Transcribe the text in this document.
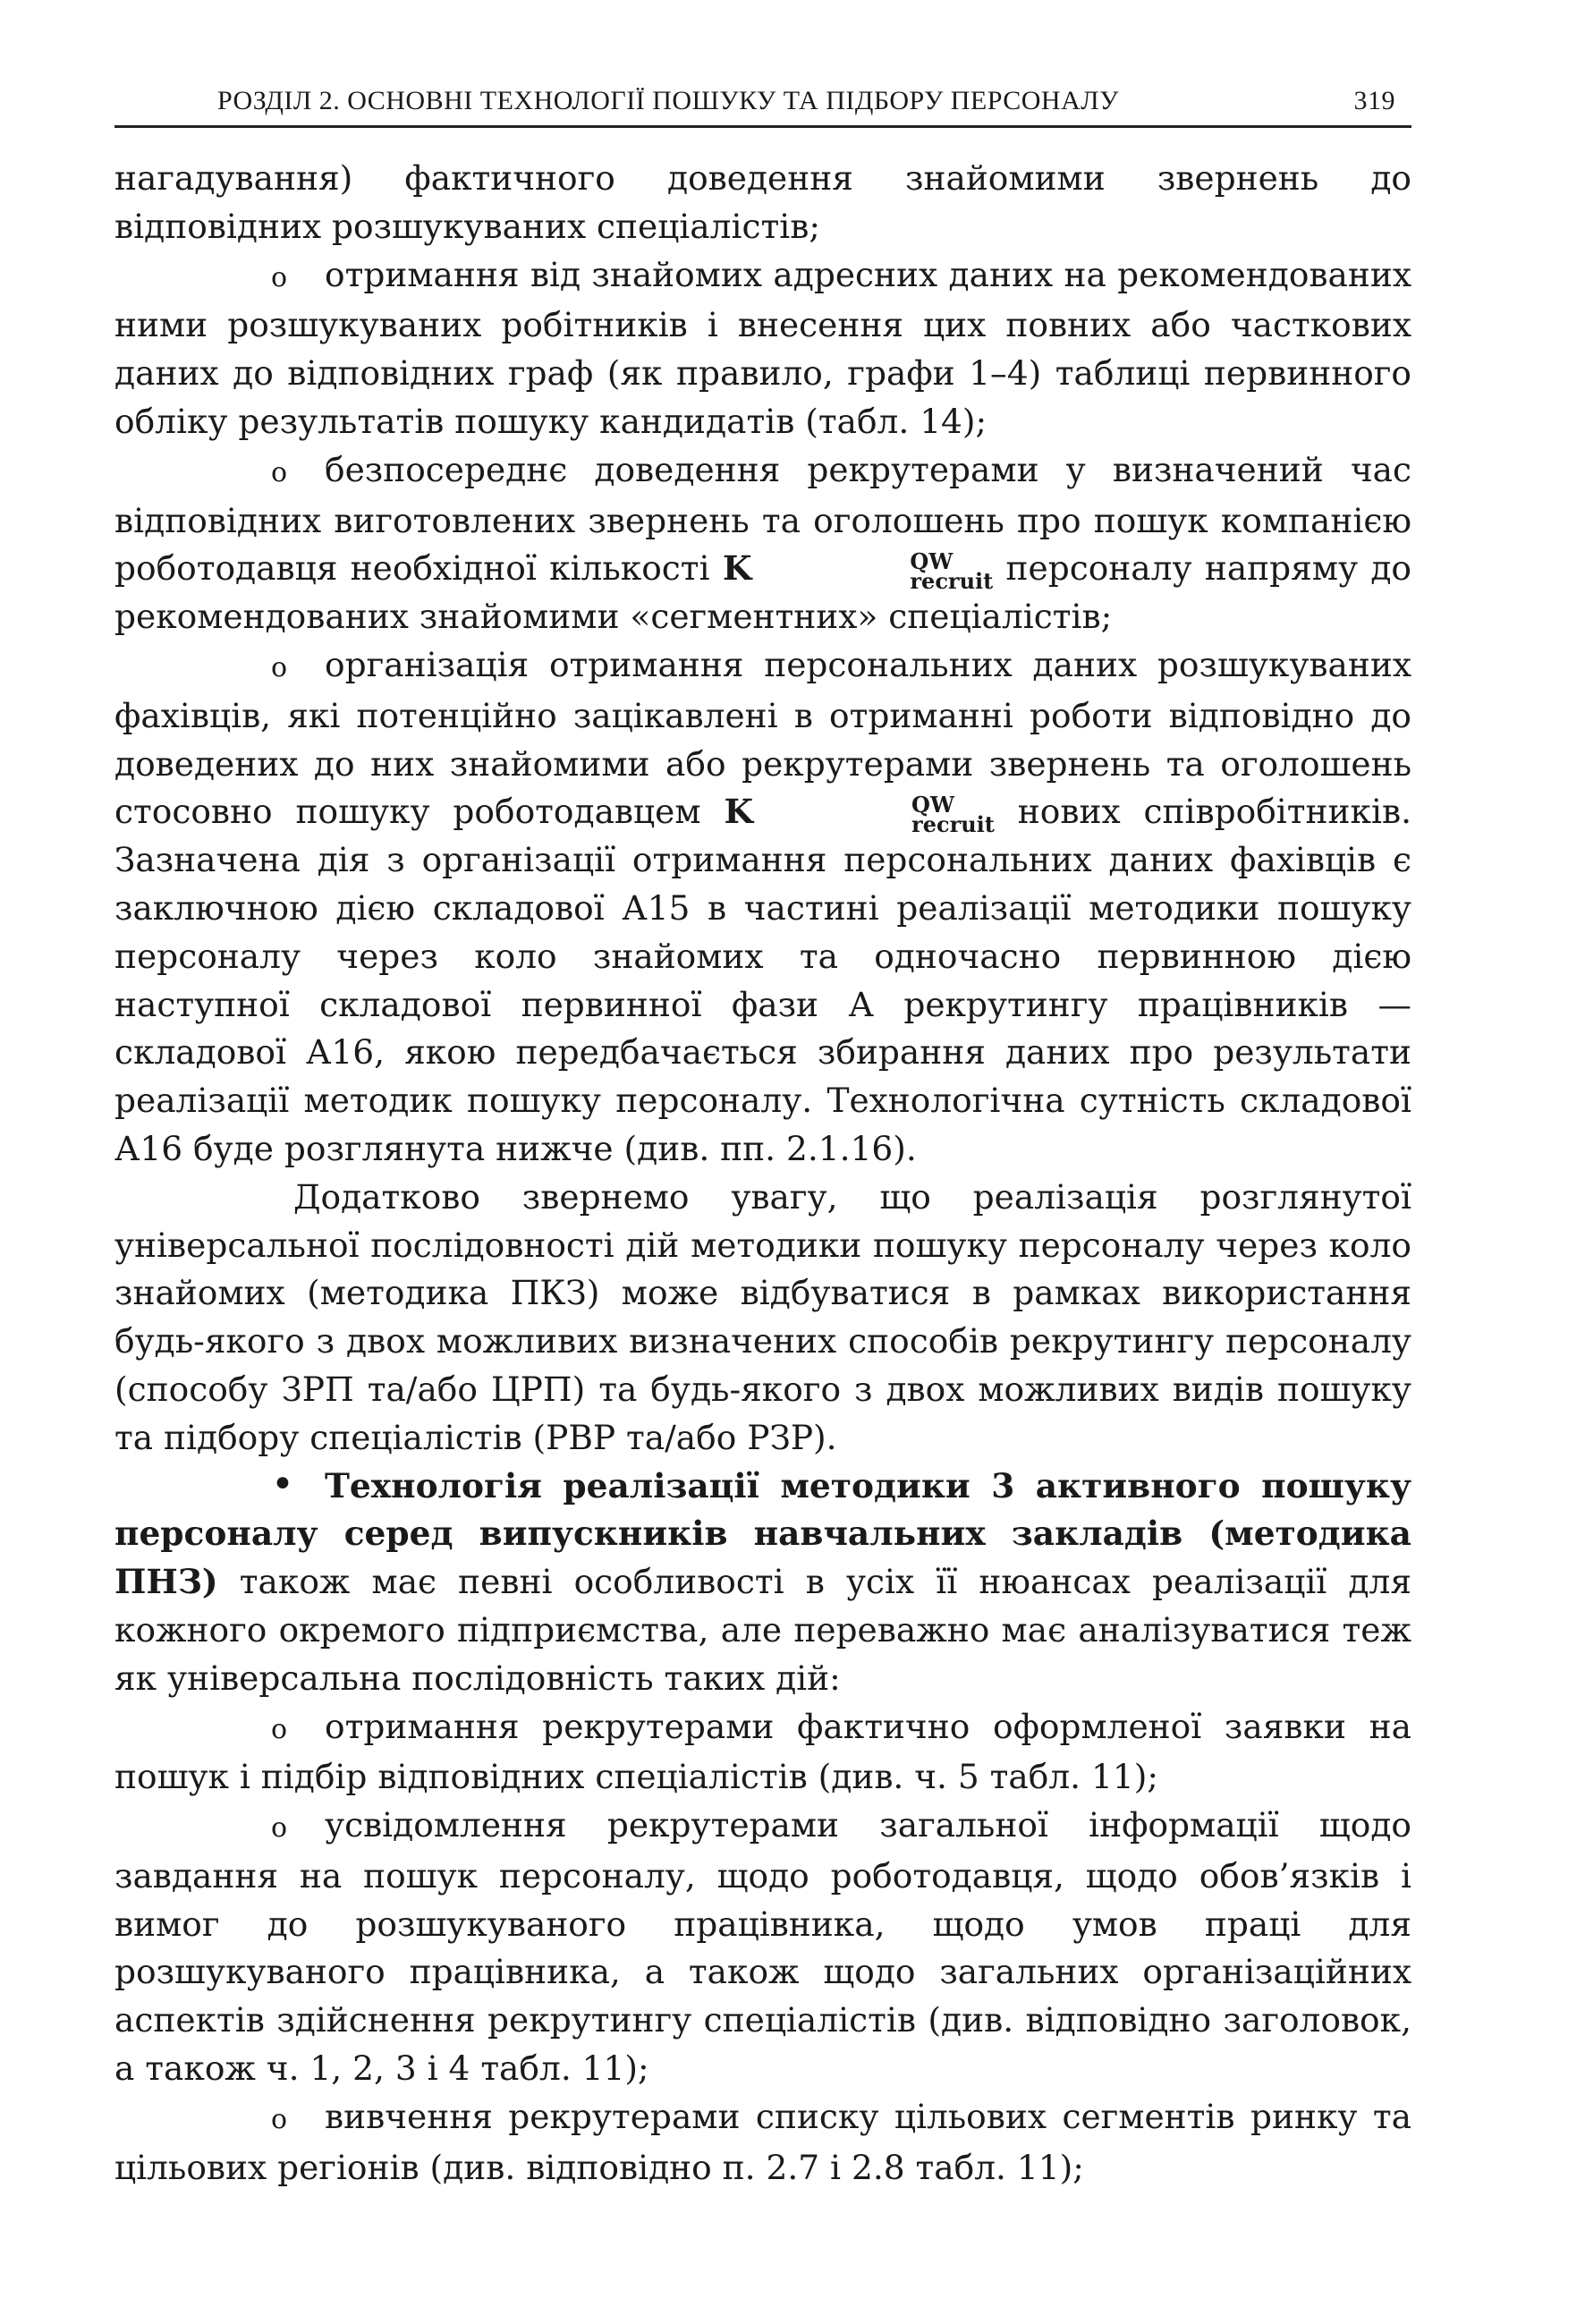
РОЗДІЛ 2. ОСНОВНІ ТЕХНОЛОГІЇ ПОШУКУ ТА ПІДБОРУ ПЕРСОНАЛУ	319

нагадування) фактичного доведення знайомими звернень до відповідних розшукуваних спеціалістів;

o отримання від знайомих адресних даних на рекомендованих ними розшукуваних робітників і внесення цих повних або часткових даних до відповідних граф (як правило, графи 1–4) таблиці первинного обліку результатів пошуку кандидатів (табл. 14);

o безпосереднє доведення рекрутерами у визначений час відповідних виготовлених звернень та оголошень про пошук компанією роботодавця необхідної кількості K	QW
recruit персоналу напряму до рекомендованих знайомими «сегментних» спеціалістів;

o організація отримання персональних даних розшукуваних фахівців, які потенційно зацікавлені в отриманні роботи відповідно до доведених до них знайомими або рекрутерами звернень та оголошень стосовно пошуку роботодавцем K	QW
recruit нових співробітників. Зазначена дія з організації отримання персональних даних фахівців є заключною дією складової А15 в частині реалізації методики пошуку персоналу через коло знайомих та одночасно первинною дією наступної складової первинної фази А рекрутингу працівників — складової А16, якою передбачається збирання даних про результати реалізації методик пошуку персоналу. Технологічна сутність складової А16 буде розглянута нижче (див. пп. 2.1.16).

Додатково звернемо увагу, що реалізація розглянутої універсальної послідовності дій методики пошуку персоналу через коло знайомих (методика ПКЗ) може відбуватися в рамках використання будь-якого з двох можливих визначених способів рекрутингу персоналу (способу ЗРП та/або ЦРП) та будь-якого з двох можливих видів пошуку та підбору спеціалістів (РВР та/або РЗР).

• Технологія реалізації методики 3 активного пошуку персоналу серед випускників навчальних закладів (методика ПНЗ) також має певні особливості в усіх її нюансах реалізації для кожного окремого підприємства, але переважно має аналізуватися теж як універсальна послідовність таких дій:

o отримання рекрутерами фактично оформленої заявки на пошук і підбір відповідних спеціалістів (див. ч. 5 табл. 11);

o усвідомлення рекрутерами загальної інформації щодо завдання на пошук персоналу, щодо роботодавця, щодо обов’язків і вимог до розшукуваного працівника, щодо умов праці для розшукуваного працівника, а також щодо загальних організаційних аспектів здійснення рекрутингу спеціалістів (див. відповідно заголовок, а також ч. 1, 2, 3 і 4 табл. 11);

o вивчення рекрутерами списку цільових сегментів ринку та цільових регіонів (див. відповідно п. 2.7 і 2.8 табл. 11);
